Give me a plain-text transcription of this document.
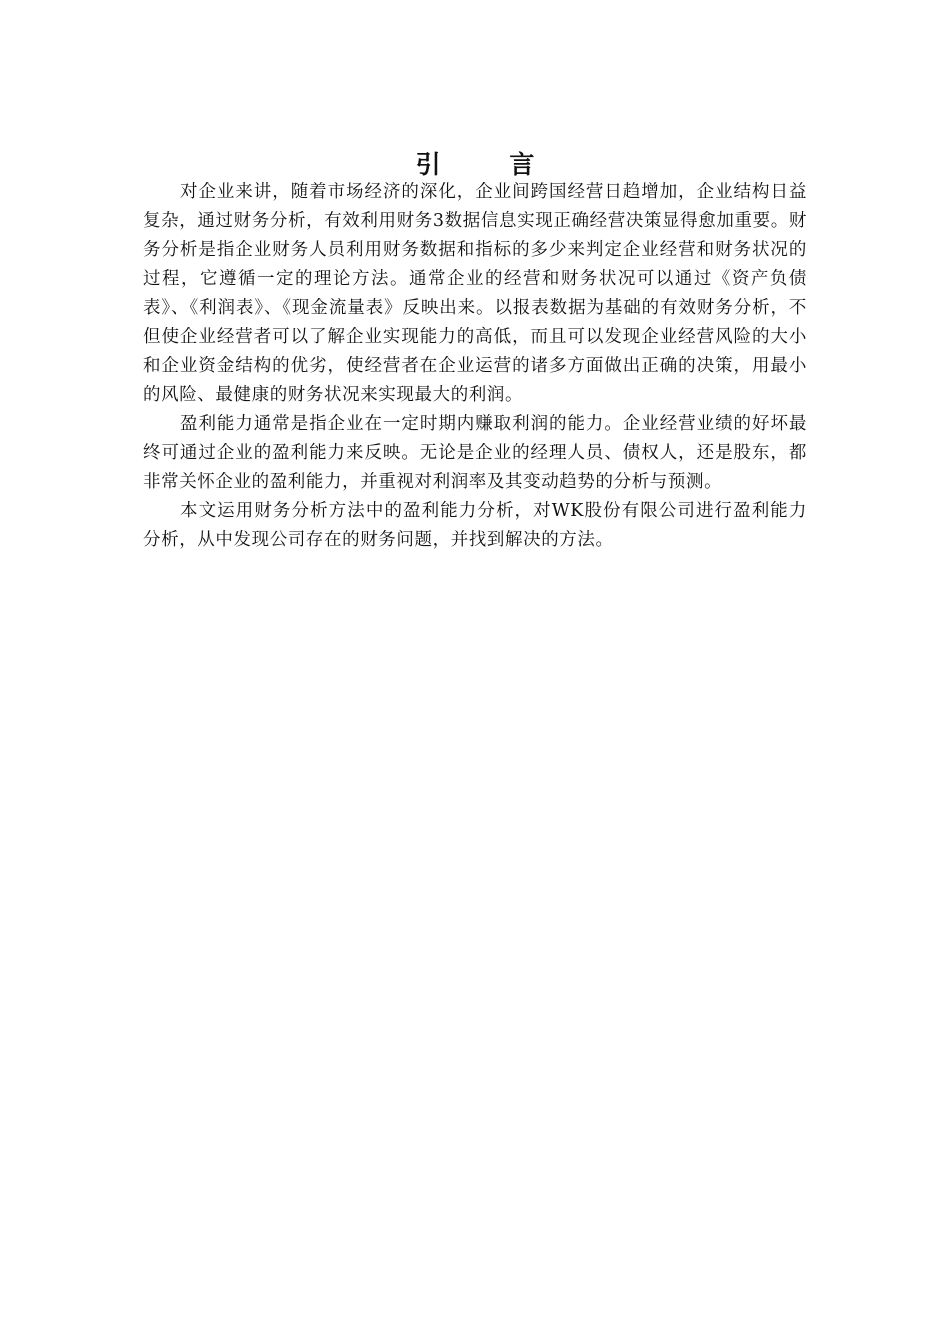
引 言

对企业来讲，随着市场经济的深化，企业间跨国经营日趋增加，企业结构日益复杂，通过财务分析，有效利用财务3数据信息实现正确经营决策显得愈加重要。财务分析是指企业财务人员利用财务数据和指标的多少来判定企业经营和财务状况的过程，它遵循一定的理论方法。通常企业的经营和财务状况可以通过《资产负债表》、《利润表》、《现金流量表》反映出来。以报表数据为基础的有效财务分析，不但使企业经营者可以了解企业实现能力的高低，而且可以发现企业经营风险的大小和企业资金结构的优劣，使经营者在企业运营的诸多方面做出正确的决策，用最小的风险、最健康的财务状况来实现最大的利润。

盈利能力通常是指企业在一定时期内赚取利润的能力。企业经营业绩的好坏最终可通过企业的盈利能力来反映。无论是企业的经理人员、债权人，还是股东，都非常关怀企业的盈利能力，并重视对利润率及其变动趋势的分析与预测。

本文运用财务分析方法中的盈利能力分析，对WK股份有限公司进行盈利能力分析，从中发现公司存在的财务问题，并找到解决的方法。
